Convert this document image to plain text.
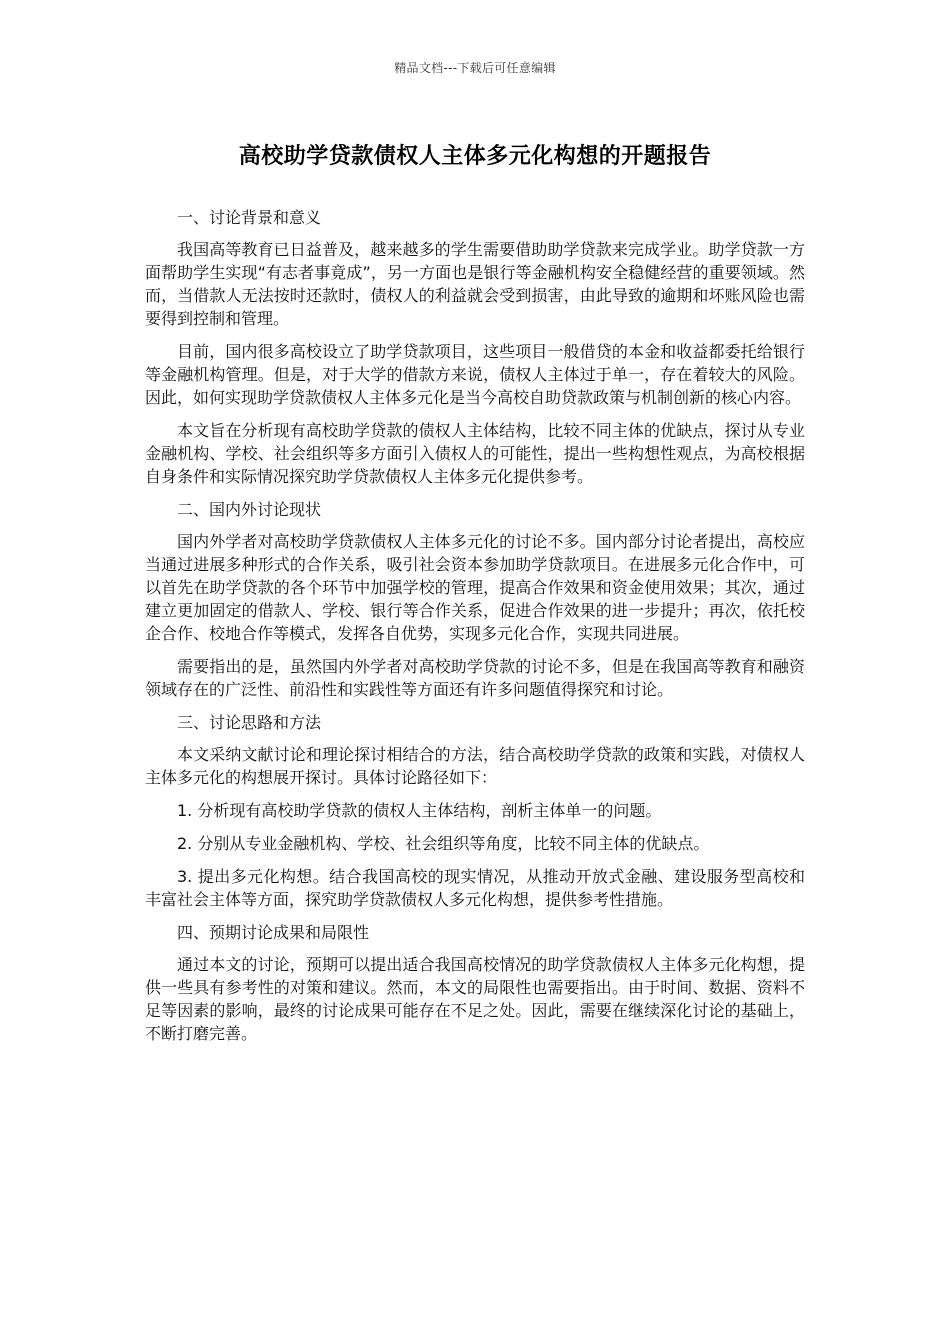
精品文档---下载后可任意编辑
高校助学贷款债权人主体多元化构想的开题报告

一、讨论背景和意义

我国高等教育已日益普及，越来越多的学生需要借助助学贷款来完成学业。助学贷款一方面帮助学生实现“有志者事竟成”，另一方面也是银行等金融机构安全稳健经营的重要领域。然而，当借款人无法按时还款时，债权人的利益就会受到损害，由此导致的逾期和坏账风险也需要得到控制和管理。

目前，国内很多高校设立了助学贷款项目，这些项目一般借贷的本金和收益都委托给银行等金融机构管理。但是，对于大学的借款方来说，债权人主体过于单一，存在着较大的风险。因此，如何实现助学贷款债权人主体多元化是当今高校自助贷款政策与机制创新的核心内容。

本文旨在分析现有高校助学贷款的债权人主体结构，比较不同主体的优缺点，探讨从专业金融机构、学校、社会组织等多方面引入债权人的可能性，提出一些构想性观点，为高校根据自身条件和实际情况探究助学贷款债权人主体多元化提供参考。

二、国内外讨论现状

国内外学者对高校助学贷款债权人主体多元化的讨论不多。国内部分讨论者提出，高校应当通过进展多种形式的合作关系，吸引社会资本参加助学贷款项目。在进展多元化合作中，可以首先在助学贷款的各个环节中加强学校的管理，提高合作效果和资金使用效果；其次，通过建立更加固定的借款人、学校、银行等合作关系，促进合作效果的进一步提升；再次，依托校企合作、校地合作等模式，发挥各自优势，实现多元化合作，实现共同进展。

需要指出的是，虽然国内外学者对高校助学贷款的讨论不多，但是在我国高等教育和融资领域存在的广泛性、前沿性和实践性等方面还有许多问题值得探究和讨论。

三、讨论思路和方法

本文采纳文献讨论和理论探讨相结合的方法，结合高校助学贷款的政策和实践，对债权人主体多元化的构想展开探讨。具体讨论路径如下：

1. 分析现有高校助学贷款的债权人主体结构，剖析主体单一的问题。

2. 分别从专业金融机构、学校、社会组织等角度，比较不同主体的优缺点。

3. 提出多元化构想。结合我国高校的现实情况，从推动开放式金融、建设服务型高校和丰富社会主体等方面，探究助学贷款债权人多元化构想，提供参考性措施。

四、预期讨论成果和局限性

通过本文的讨论，预期可以提出适合我国高校情况的助学贷款债权人主体多元化构想，提供一些具有参考性的对策和建议。然而，本文的局限性也需要指出。由于时间、数据、资料不足等因素的影响，最终的讨论成果可能存在不足之处。因此，需要在继续深化讨论的基础上，不断打磨完善。
